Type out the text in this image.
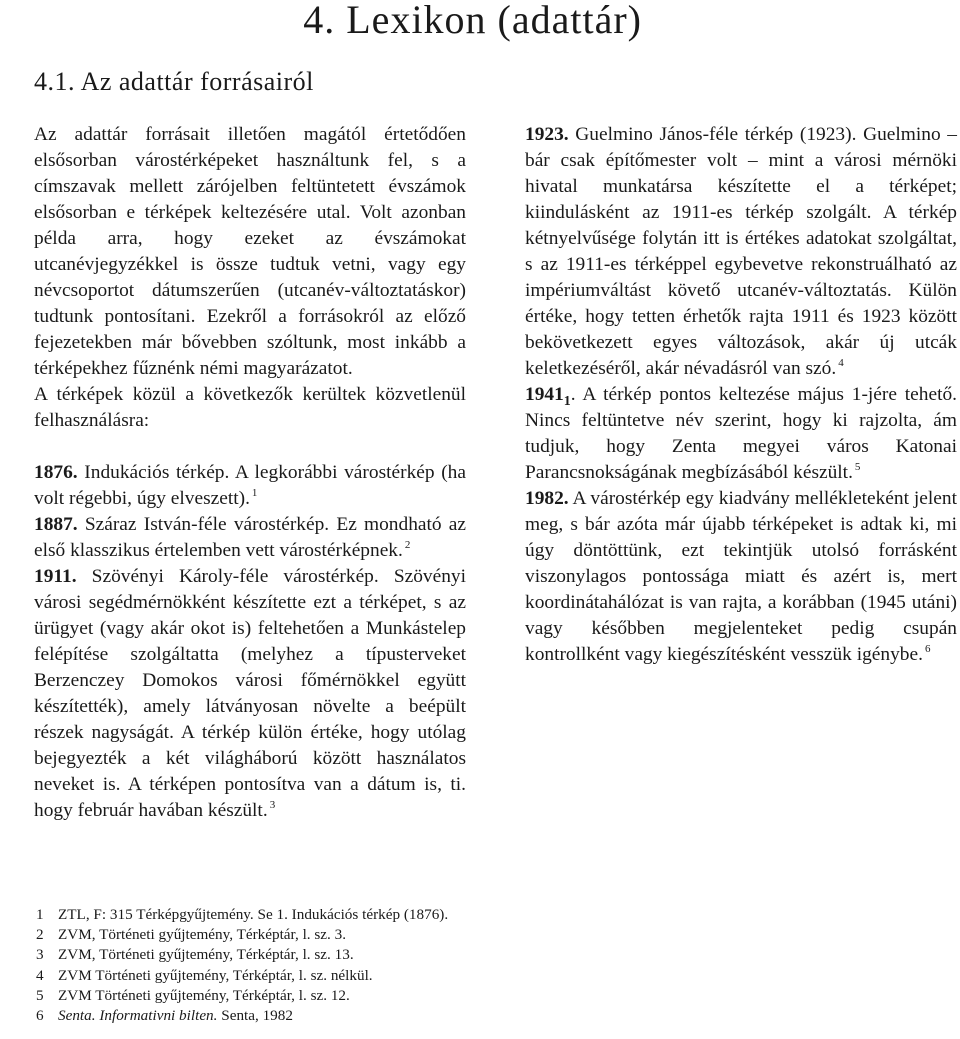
4. Lexikon (adattár)
4.1. Az adattár forrásairól

Az adattár forrásait illetően magától értetődően elsősorban várostérképeket használtunk fel, s a címszavak mellett zárójelben feltüntetett évszámok elsősorban e térképek keltezésére utal. Volt azonban példa arra, hogy ezeket az évszámokat utcanévjegyzékkel is össze tudtuk vetni, vagy egy névcsoportot dátumszerűen (utcanév-változtatáskor) tudtunk pontosítani. Ezekről a forrásokról az előző fejezetekben már bővebben szóltunk, most inkább a térképekhez fűznénk némi magyarázatot.

A térképek közül a következők kerültek közvetlenül felhasználásra:

1876. Indukációs térkép. A legkorábbi várostérkép (ha volt régebbi, úgy elveszett). $^1$

1887. Száraz István-féle várostérkép. Ez mondható az első klasszikus értelemben vett várostérképnek. $^2$

1911. Szövényi Károly-féle várostérkép. Szövényi városi segédmérnökként készítette ezt a térképet, s az ürügyet (vagy akár okot is) feltehetően a Munkástelep felépítése szolgáltatta (melyhez a típusterveket Berzenczey Domokos városi főmérnökkel együtt készítették), amely látványosan növelte a beépült részek nagyságát. A térkép külön értéke, hogy utólag bejegyezték a két világháború között használatos neveket is. A térképen pontosítva van a dátum is, ti. hogy február havában készült. $^3$

1923. Guelmino János-féle térkép (1923). Guelmino – bár csak építőmester volt – mint a városi mérnöki hivatal munkatársa készítette el a térképet; kiindulásként az 1911-es térkép szolgált. A térkép kétnyelvűsége folytán itt is értékes adatokat szolgáltat, s az 1911-es térképpel egybevetve rekonstruálható az impériumváltást követő utcanév-változtatás. Külön értéke, hogy tetten érhetők rajta 1911 és 1923 között bekövetkezett egyes változások, akár új utcák keletkezéséről, akár névadásról van szó. $^4$

$1941_1$. A térkép pontos keltezése május 1-jére tehető. Nincs feltüntetve név szerint, hogy ki rajzolta, ám tudjuk, hogy Zenta megyei város Katonai Parancsnokságának megbízásából készült. $^5$

1982. A várostérkép egy kiadvány mellékleteként jelent meg, s bár azóta már újabb térképeket is adtak ki, mi úgy döntöttünk, ezt tekintjük utolsó forrásként viszonylagos pontossága miatt és azért is, mert koordinátahálózat is van rajta, a korábban (1945 utáni) vagy későbben megjelenteket pedig csupán kontrollként vagy kiegészítésként vesszük igénybe. $^6$

1 ZTL, F: 315 Térképgyűjtemény. Se 1. Indukációs térkép (1876).
2 ZVM, Történeti gyűjtemény, Térképtár, l. sz. 3.
3 ZVM, Történeti gyűjtemény, Térképtár, l. sz. 13.
4 ZVM Történeti gyűjtemény, Térképtár, l. sz. nélkül.
5 ZVM Történeti gyűjtemény, Térképtár, l. sz. 12.
6 Senta. Informativni bilten. Senta, 1982
